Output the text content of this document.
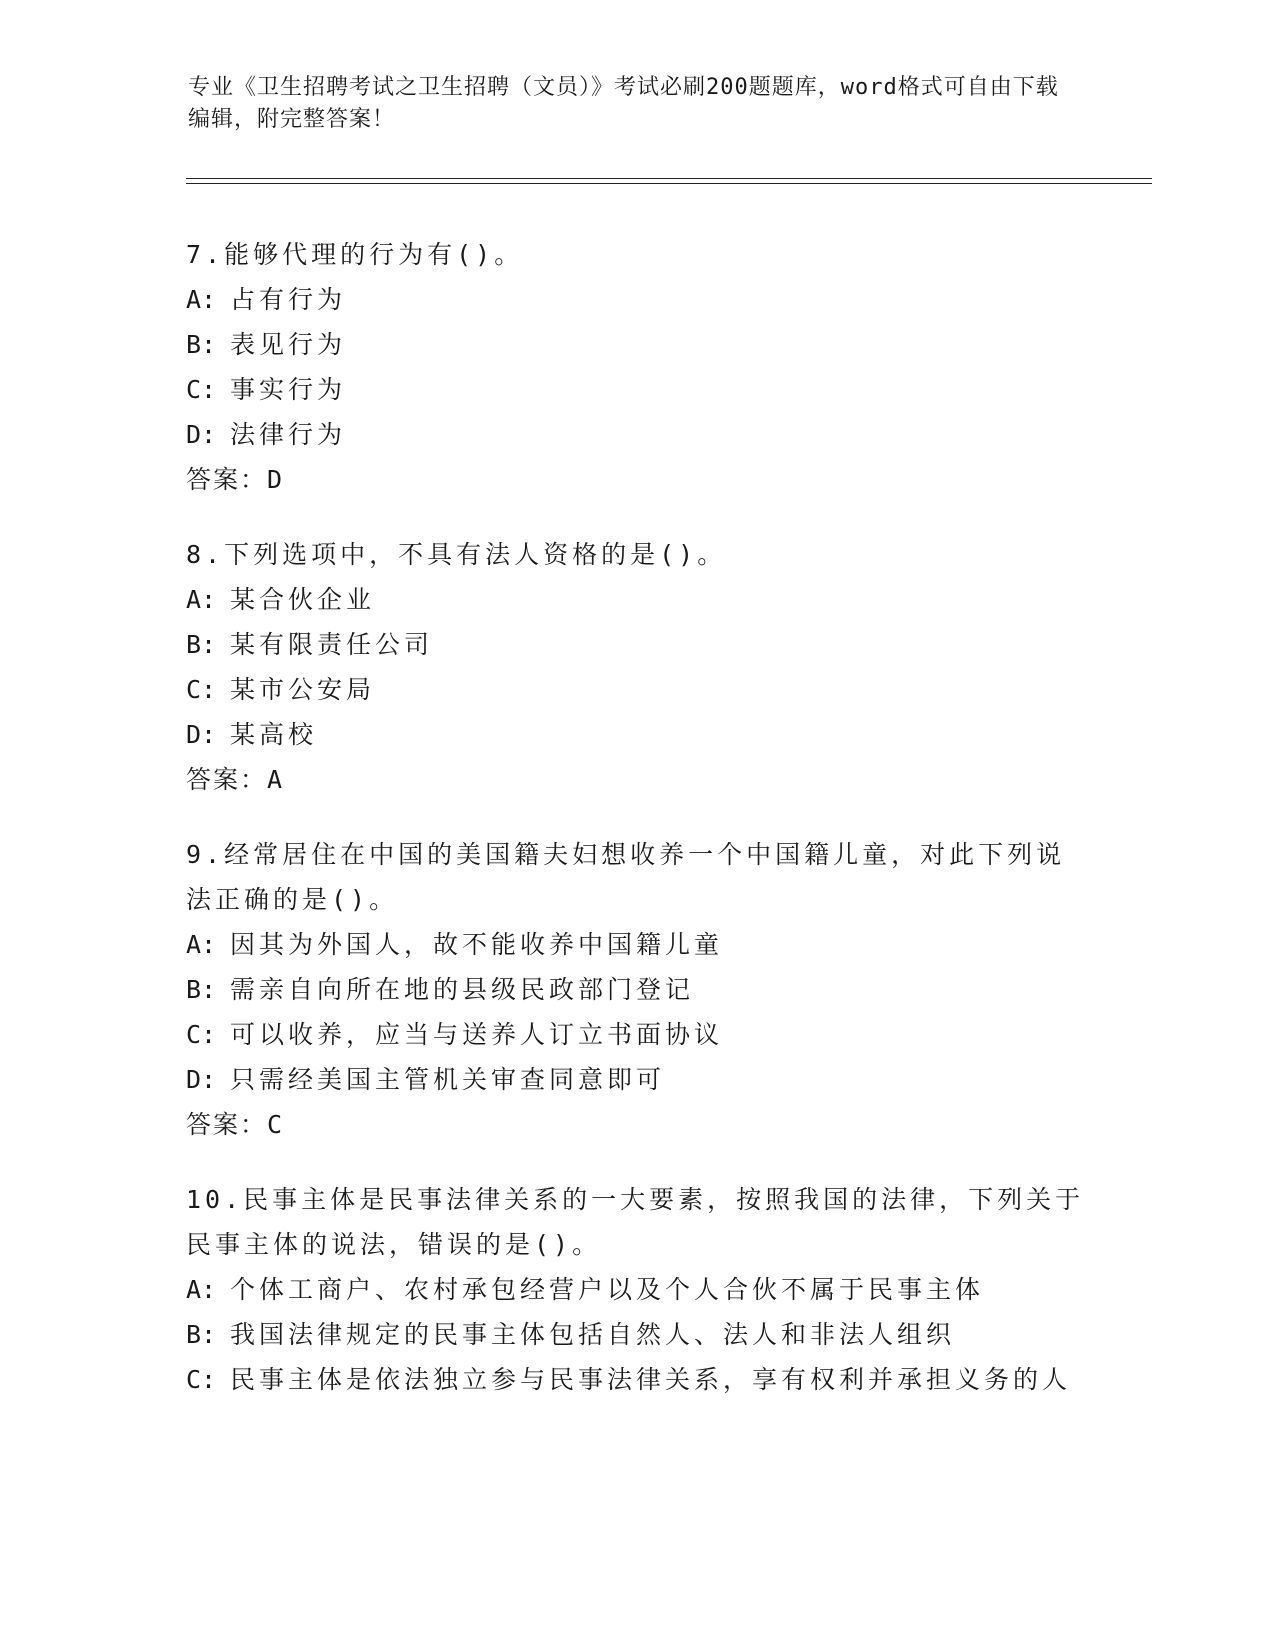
专业《卫生招聘考试之卫生招聘（文员）》考试必刷200题题库，word格式可自由下载编辑，附完整答案！
7.能够代理的行为有()。
A: 占有行为
B: 表见行为
C: 事实行为
D: 法律行为
答案：D
8.下列选项中，不具有法人资格的是()。
A: 某合伙企业
B: 某有限责任公司
C: 某市公安局
D: 某高校
答案：A
9.经常居住在中国的美国籍夫妇想收养一个中国籍儿童，对此下列说法正确的是()。
A: 因其为外国人，故不能收养中国籍儿童
B: 需亲自向所在地的县级民政部门登记
C: 可以收养，应当与送养人订立书面协议
D: 只需经美国主管机关审查同意即可
答案：C
10.民事主体是民事法律关系的一大要素，按照我国的法律，下列关于民事主体的说法，错误的是()。
A: 个体工商户、农村承包经营户以及个人合伙不属于民事主体
B: 我国法律规定的民事主体包括自然人、法人和非法人组织
C: 民事主体是依法独立参与民事法律关系，享有权利并承担义务的人
